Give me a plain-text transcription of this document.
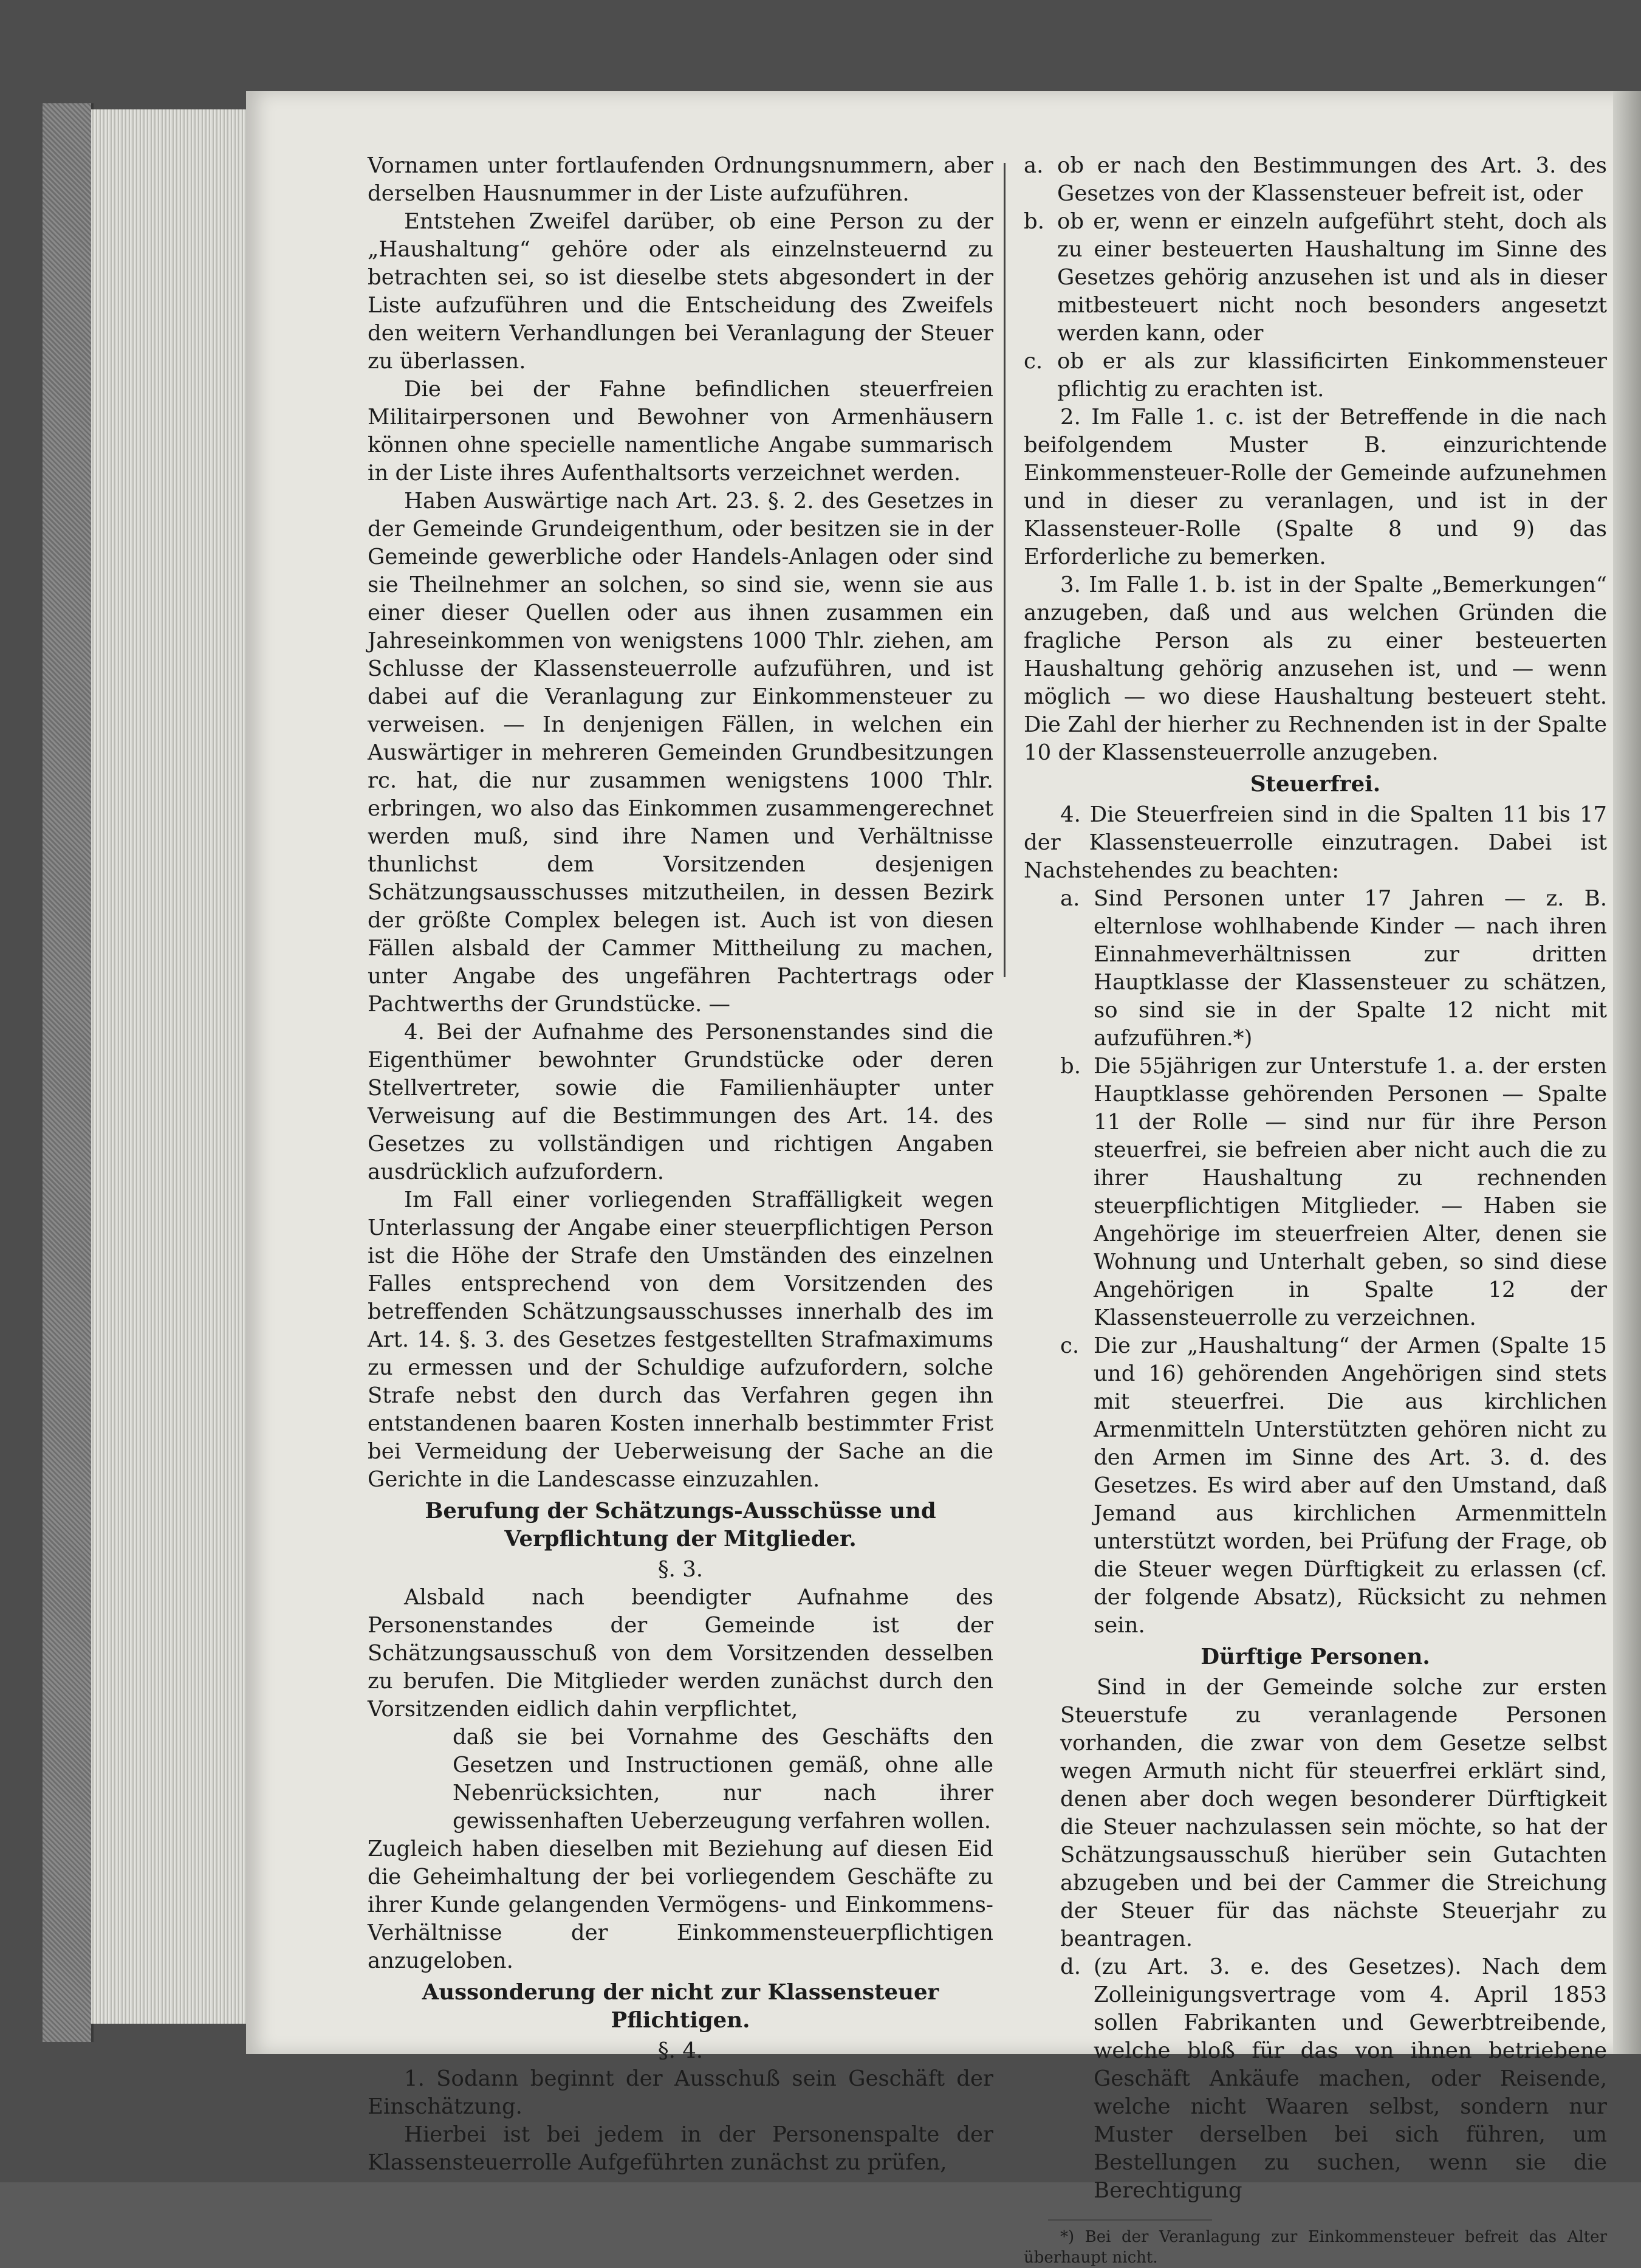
Vornamen unter fortlaufenden Ordnungsnummern, aber derselben Hausnummer in der Liste aufzuführen.

Entstehen Zweifel darüber, ob eine Person zu der „Haushaltung“ gehöre oder als einzelnsteuernd zu betrachten sei, so ist dieselbe stets abgesondert in der Liste aufzuführen und die Entscheidung des Zweifels den weitern Verhandlungen bei Veranlagung der Steuer zu überlassen.

Die bei der Fahne befindlichen steuerfreien Militairpersonen und Bewohner von Armenhäusern können ohne specielle namentliche Angabe summarisch in der Liste ihres Aufenthaltsorts verzeichnet werden.

Haben Auswärtige nach Art. 23. §. 2. des Gesetzes in der Gemeinde Grundeigenthum, oder besitzen sie in der Gemeinde gewerbliche oder Handels-Anlagen oder sind sie Theilnehmer an solchen, so sind sie, wenn sie aus einer dieser Quellen oder aus ihnen zusammen ein Jahreseinkommen von wenigstens 1000 Thlr. ziehen, am Schlusse der Klassensteuerrolle aufzuführen, und ist dabei auf die Veranlagung zur Einkommensteuer zu verweisen. — In denjenigen Fällen, in welchen ein Auswärtiger in mehreren Gemeinden Grundbesitzungen rc. hat, die nur zusammen wenigstens 1000 Thlr. erbringen, wo also das Einkommen zusammengerechnet werden muß, sind ihre Namen und Verhältnisse thunlichst dem Vorsitzenden desjenigen Schätzungsausschusses mitzutheilen, in dessen Bezirk der größte Complex belegen ist. Auch ist von diesen Fällen alsbald der Cammer Mittheilung zu machen, unter Angabe des ungefähren Pachtertrags oder Pachtwerths der Grundstücke. —

4. Bei der Aufnahme des Personenstandes sind die Eigenthümer bewohnter Grundstücke oder deren Stellvertreter, sowie die Familienhäupter unter Verweisung auf die Bestimmungen des Art. 14. des Gesetzes zu vollständigen und richtigen Angaben ausdrücklich aufzufordern.

Im Fall einer vorliegenden Straffälligkeit wegen Unterlassung der Angabe einer steuerpflichtigen Person ist die Höhe der Strafe den Umständen des einzelnen Falles entsprechend von dem Vorsitzenden des betreffenden Schätzungsausschusses innerhalb des im Art. 14. §. 3. des Gesetzes festgestellten Strafmaximums zu ermessen und der Schuldige aufzufordern, solche Strafe nebst den durch das Verfahren gegen ihn entstandenen baaren Kosten innerhalb bestimmter Frist bei Vermeidung der Ueberweisung der Sache an die Gerichte in die Landescasse einzuzahlen.

Berufung der Schätzungs-Ausschüsse und Verpflichtung der Mitglieder.

§. 3.

Alsbald nach beendigter Aufnahme des Personenstandes der Gemeinde ist der Schätzungsausschuß von dem Vorsitzenden desselben zu berufen. Die Mitglieder werden zunächst durch den Vorsitzenden eidlich dahin verpflichtet,

daß sie bei Vornahme des Geschäfts den Gesetzen und Instructionen gemäß, ohne alle Nebenrücksichten, nur nach ihrer gewissenhaften Ueberzeugung verfahren wollen.

Zugleich haben dieselben mit Beziehung auf diesen Eid die Geheimhaltung der bei vorliegendem Geschäfte zu ihrer Kunde gelangenden Vermögens- und Einkommens-Verhältnisse der Einkommensteuerpflichtigen anzugeloben.

Aussonderung der nicht zur Klassensteuer Pflichtigen.

§. 4.

1. Sodann beginnt der Ausschuß sein Geschäft der Einschätzung.

Hierbei ist bei jedem in der Personenspalte der Klassensteuerrolle Aufgeführten zunächst zu prüfen,

a. ob er nach den Bestimmungen des Art. 3. des Gesetzes von der Klassensteuer befreit ist, oder
b. ob er, wenn er einzeln aufgeführt steht, doch als zu einer besteuerten Haushaltung im Sinne des Gesetzes gehörig anzusehen ist und als in dieser mitbesteuert nicht noch besonders angesetzt werden kann, oder
c. ob er als zur klassificirten Einkommensteuer pflichtig zu erachten ist.

2. Im Falle 1. c. ist der Betreffende in die nach beifolgendem Muster B. einzurichtende Einkommensteuer-Rolle der Gemeinde aufzunehmen und in dieser zu veranlagen, und ist in der Klassensteuer-Rolle (Spalte 8 und 9) das Erforderliche zu bemerken.

3. Im Falle 1. b. ist in der Spalte „Bemerkungen“ anzugeben, daß und aus welchen Gründen die fragliche Person als zu einer besteuerten Haushaltung gehörig anzusehen ist, und — wenn möglich — wo diese Haushaltung besteuert steht. Die Zahl der hierher zu Rechnenden ist in der Spalte 10 der Klassensteuerrolle anzugeben.

Steuerfrei.

4. Die Steuerfreien sind in die Spalten 11 bis 17 der Klassensteuerrolle einzutragen. Dabei ist Nachstehendes zu beachten:

a. Sind Personen unter 17 Jahren — z. B. elternlose wohlhabende Kinder — nach ihren Einnahmeverhältnissen zur dritten Hauptklasse der Klassensteuer zu schätzen, so sind sie in der Spalte 12 nicht mit aufzuführen.*)
b. Die 55jährigen zur Unterstufe 1. a. der ersten Hauptklasse gehörenden Personen — Spalte 11 der Rolle — sind nur für ihre Person steuerfrei, sie befreien aber nicht auch die zu ihrer Haushaltung zu rechnenden steuerpflichtigen Mitglieder. — Haben sie Angehörige im steuerfreien Alter, denen sie Wohnung und Unterhalt geben, so sind diese Angehörigen in Spalte 12 der Klassensteuerrolle zu verzeichnen.
c. Die zur „Haushaltung“ der Armen (Spalte 15 und 16) gehörenden Angehörigen sind stets mit steuerfrei. Die aus kirchlichen Armenmitteln Unterstützten gehören nicht zu den Armen im Sinne des Art. 3. d. des Gesetzes. Es wird aber auf den Umstand, daß Jemand aus kirchlichen Armenmitteln unterstützt worden, bei Prüfung der Frage, ob die Steuer wegen Dürftigkeit zu erlassen (cf. der folgende Absatz), Rücksicht zu nehmen sein.

Dürftige Personen.

Sind in der Gemeinde solche zur ersten Steuerstufe zu veranlagende Personen vorhanden, die zwar von dem Gesetze selbst wegen Armuth nicht für steuerfrei erklärt sind, denen aber doch wegen besonderer Dürftigkeit die Steuer nachzulassen sein möchte, so hat der Schätzungsausschuß hierüber sein Gutachten abzugeben und bei der Cammer die Streichung der Steuer für das nächste Steuerjahr zu beantragen.

d. (zu Art. 3. e. des Gesetzes). Nach dem Zolleinigungsvertrage vom 4. April 1853 sollen Fabrikanten und Gewerbtreibende, welche bloß für das von ihnen betriebene Geschäft Ankäufe machen, oder Reisende, welche nicht Waaren selbst, sondern nur Muster derselben bei sich führen, um Bestellungen zu suchen, wenn sie die Berechtigung

*) Bei der Veranlagung zur Einkommensteuer befreit das Alter überhaupt nicht.
